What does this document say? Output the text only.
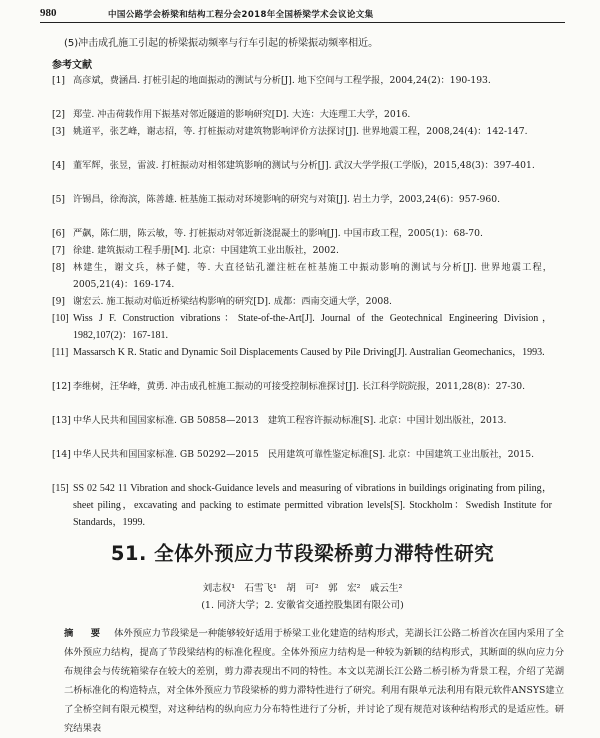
980	中国公路学会桥梁和结构工程分会2018年全国桥梁学术会议论文集
(5)冲击成孔施工引起的桥梁振动频率与行车引起的桥梁振动频率相近。
参考文献
[1] 高彦斌，费涵昌. 打桩引起的地面振动的测试与分析[J]. 地下空间与工程学报，2004,24(2)：190-193.
[2] 郑莹. 冲击荷载作用下振基对邻近隧道的影响研究[D]. 大连：大连理工大学，2016.
[3] 姚道平，张艺峰，谢志招，等. 打桩振动对建筑物影响评价方法探讨[J]. 世界地震工程，2008,24(4)：142-147.
[4] 董军辉，张昱，雷波. 打桩振动对相邻建筑影响的测试与分析[J]. 武汉大学学报(工学版)，2015,48(3)：397-401.
[5] 许锡昌，徐海滨，陈善雄. 桩基施工振动对环境影响的研究与对策[J]. 岩土力学，2003,24(6)：957-960.
[6] 严飙，陈仁朋，陈云敏，等. 打桩振动对邻近新浇混凝土的影响[J]. 中国市政工程，2005(1)：68-70.
[7] 徐建. 建筑振动工程手册[M]. 北京：中国建筑工业出版社，2002.
[8] 林建生，谢文兵，林子健，等. 大直径钻孔灌注桩在桩基施工中振动影响的测试与分析[J]. 世界地震工程，2005,21(4)：169-174.
[9] 谢宏云. 施工振动对临近桥梁结构影响的研究[D]. 成都：西南交通大学，2008.
[10] Wiss J F. Construction vibrations：State-of-the-Art[J]. Journal of the Geotechnical Engineering Division，1982,107(2)：167-181.
[11] Massarsch K R. Static and Dynamic Soil Displacements Caused by Pile Driving[J]. Australian Geomechanics，1993.
[12] 李维树，汪华峰，黄勇. 冲击成孔桩施工振动的可接受控制标准探讨[J]. 长江科学院院报，2011,28(8)：27-30.
[13] 中华人民共和国国家标准. GB 50858—2013　建筑工程容许振动标准[S]. 北京：中国计划出版社，2013.
[14] 中华人民共和国国家标准. GB 50292—2015　民用建筑可靠性鉴定标准[S]. 北京：中国建筑工业出版社，2015.
[15] SS 02 542 11 Vibration and shock-Guidance levels and measuring of vibrations in buildings originating from piling，sheet piling，excavating and packing to estimate permitted vibration levels[S]. Stockholm：Swedish Institute for Standards，1999.
51. 全体外预应力节段梁桥剪力滞特性研究
刘志权¹　石雪飞¹　胡　可²　郭　宏²　戚云生²
(1. 同济大学；2. 安徽省交通控股集团有限公司)
摘　要 体外预应力节段梁是一种能够较好适用于桥梁工业化建造的结构形式，芜湖长江公路二桥首次在国内采用了全体外预应力结构，提高了节段梁结构的标准化程度。全体外预应力结构是一种较为新颖的结构形式，其断面的纵向应力分布规律会与传统箱梁存在较大的差别，剪力滞表现出不同的特性。本文以芜湖长江公路二桥引桥为背景工程，介绍了芜湖二桥标准化的构造特点，对全体外预应力节段梁桥的剪力滞特性进行了研究。利用有限单元法利用有限元软件ANSYS建立了全桥空间有限元模型，对这种结构的纵向应力分布特性进行了分析，并讨论了现有规范对该种结构形式的是适应性。研究结果表
